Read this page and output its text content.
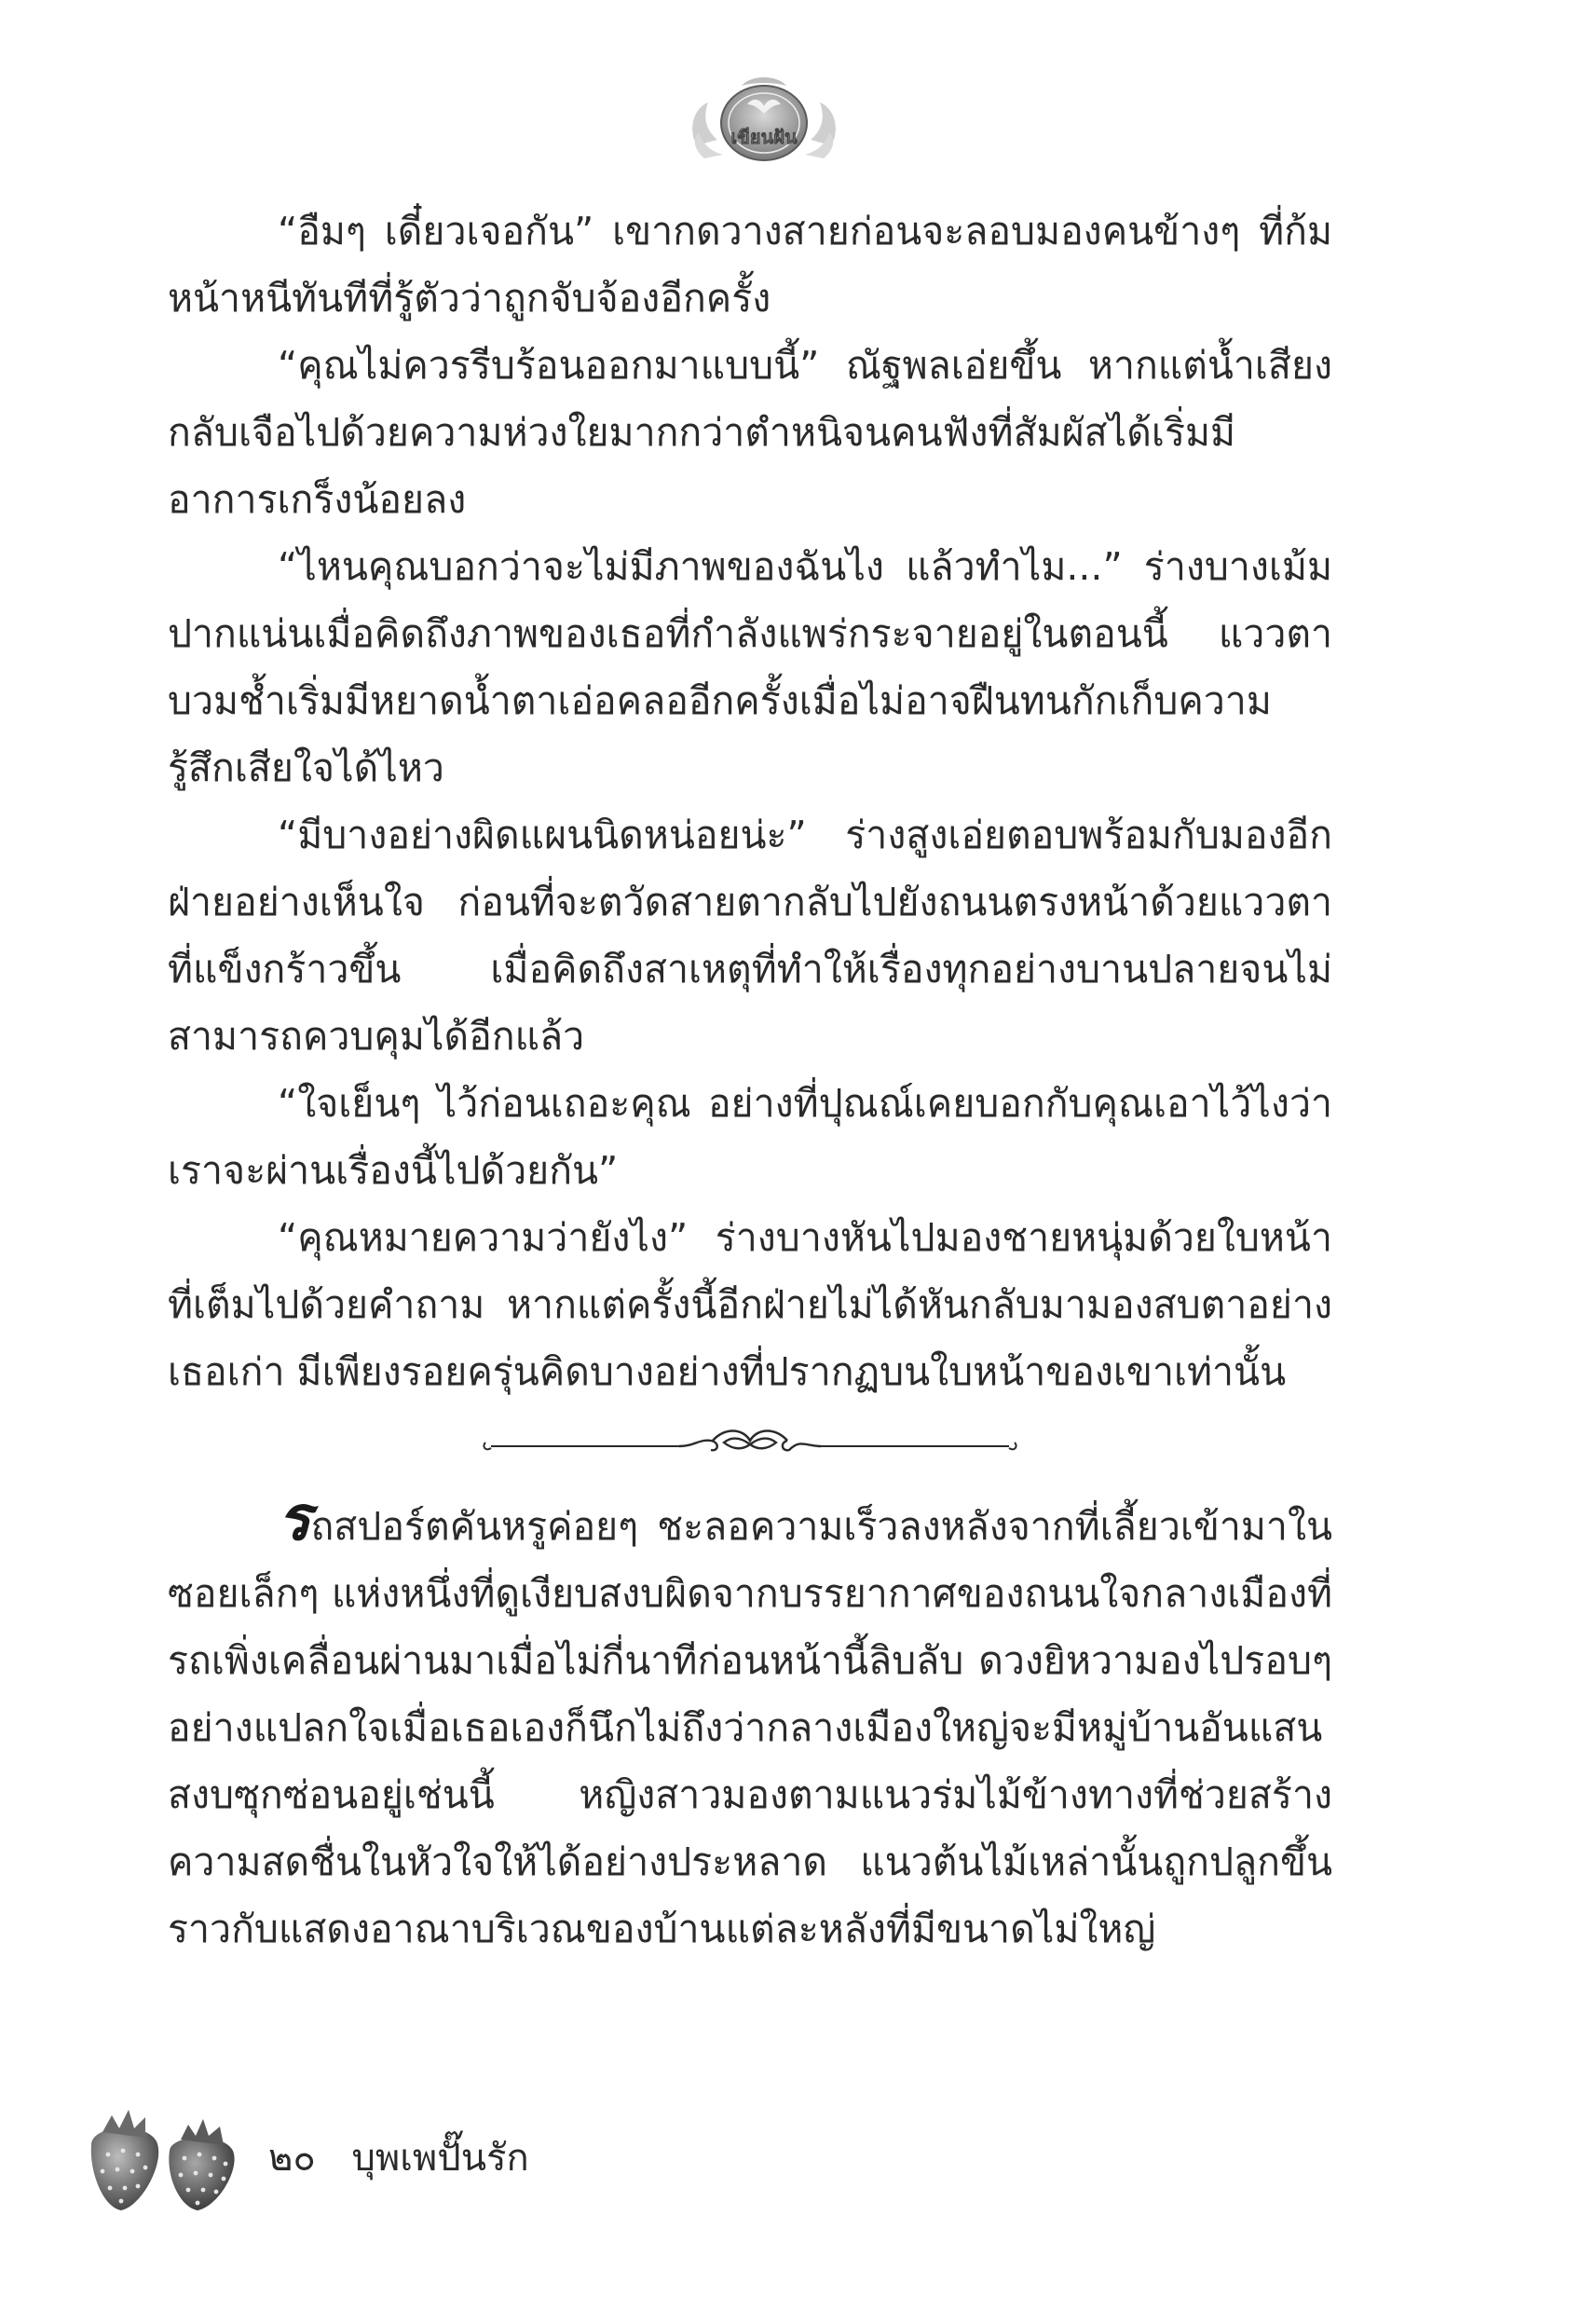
เขียนฝัน

“อืมๆ เดี๋ยวเจอกัน” เขากดวางสายก่อนจะลอบมองคนข้างๆ ที่ก้มหน้าหนีทันทีที่รู้ตัวว่าถูกจับจ้องอีกครั้ง

“คุณไม่ควรรีบร้อนออกมาแบบนี้” ณัฐพลเอ่ยขึ้น หากแต่น้ำเสียงกลับเจือไปด้วยความห่วงใยมากกว่าตำหนิจนคนฟังที่สัมผัสได้เริ่มมีอาการเกร็งน้อยลง

“ไหนคุณบอกว่าจะไม่มีภาพของฉันไง แล้วทำไม...” ร่างบางเม้มปากแน่นเมื่อคิดถึงภาพของเธอที่กำลังแพร่กระจายอยู่ในตอนนี้ แววตาบวมช้ำเริ่มมีหยาดน้ำตาเอ่อคลออีกครั้งเมื่อไม่อาจฝืนทนกักเก็บความรู้สึกเสียใจได้ไหว

“มีบางอย่างผิดแผนนิดหน่อยน่ะ” ร่างสูงเอ่ยตอบพร้อมกับมองอีกฝ่ายอย่างเห็นใจ ก่อนที่จะตวัดสายตากลับไปยังถนนตรงหน้าด้วยแววตาที่แข็งกร้าวขึ้น เมื่อคิดถึงสาเหตุที่ทำให้เรื่องทุกอย่างบานปลายจนไม่สามารถควบคุมได้อีกแล้ว

“ใจเย็นๆ ไว้ก่อนเถอะคุณ อย่างที่ปุณณ์เคยบอกกับคุณเอาไว้ไงว่าเราจะผ่านเรื่องนี้ไปด้วยกัน”

“คุณหมายความว่ายังไง” ร่างบางหันไปมองชายหนุ่มด้วยใบหน้าที่เต็มไปด้วยคำถาม หากแต่ครั้งนี้อีกฝ่ายไม่ได้หันกลับมามองสบตาอย่างเธอเก่า มีเพียงรอยครุ่นคิดบางอย่างที่ปรากฏบนใบหน้าของเขาเท่านั้น

รถสปอร์ตคันหรูค่อยๆ ชะลอความเร็วลงหลังจากที่เลี้ยวเข้ามาในซอยเล็กๆ แห่งหนึ่งที่ดูเงียบสงบผิดจากบรรยากาศของถนนใจกลางเมืองที่รถเพิ่งเคลื่อนผ่านมาเมื่อไม่กี่นาทีก่อนหน้านี้ลิบลับ ดวงยิหวามองไปรอบๆ อย่างแปลกใจเมื่อเธอเองก็นึกไม่ถึงว่ากลางเมืองใหญ่จะมีหมู่บ้านอันแสนสงบซุกซ่อนอยู่เช่นนี้ หญิงสาวมองตามแนวร่มไม้ข้างทางที่ช่วยสร้างความสดชื่นในหัวใจให้ได้อย่างประหลาด แนวต้นไม้เหล่านั้นถูกปลูกขึ้นราวกับแสดงอาณาบริเวณของบ้านแต่ละหลังที่มีขนาดไม่ใหญ่

๒๐ บุพเพปั๊นรัก
